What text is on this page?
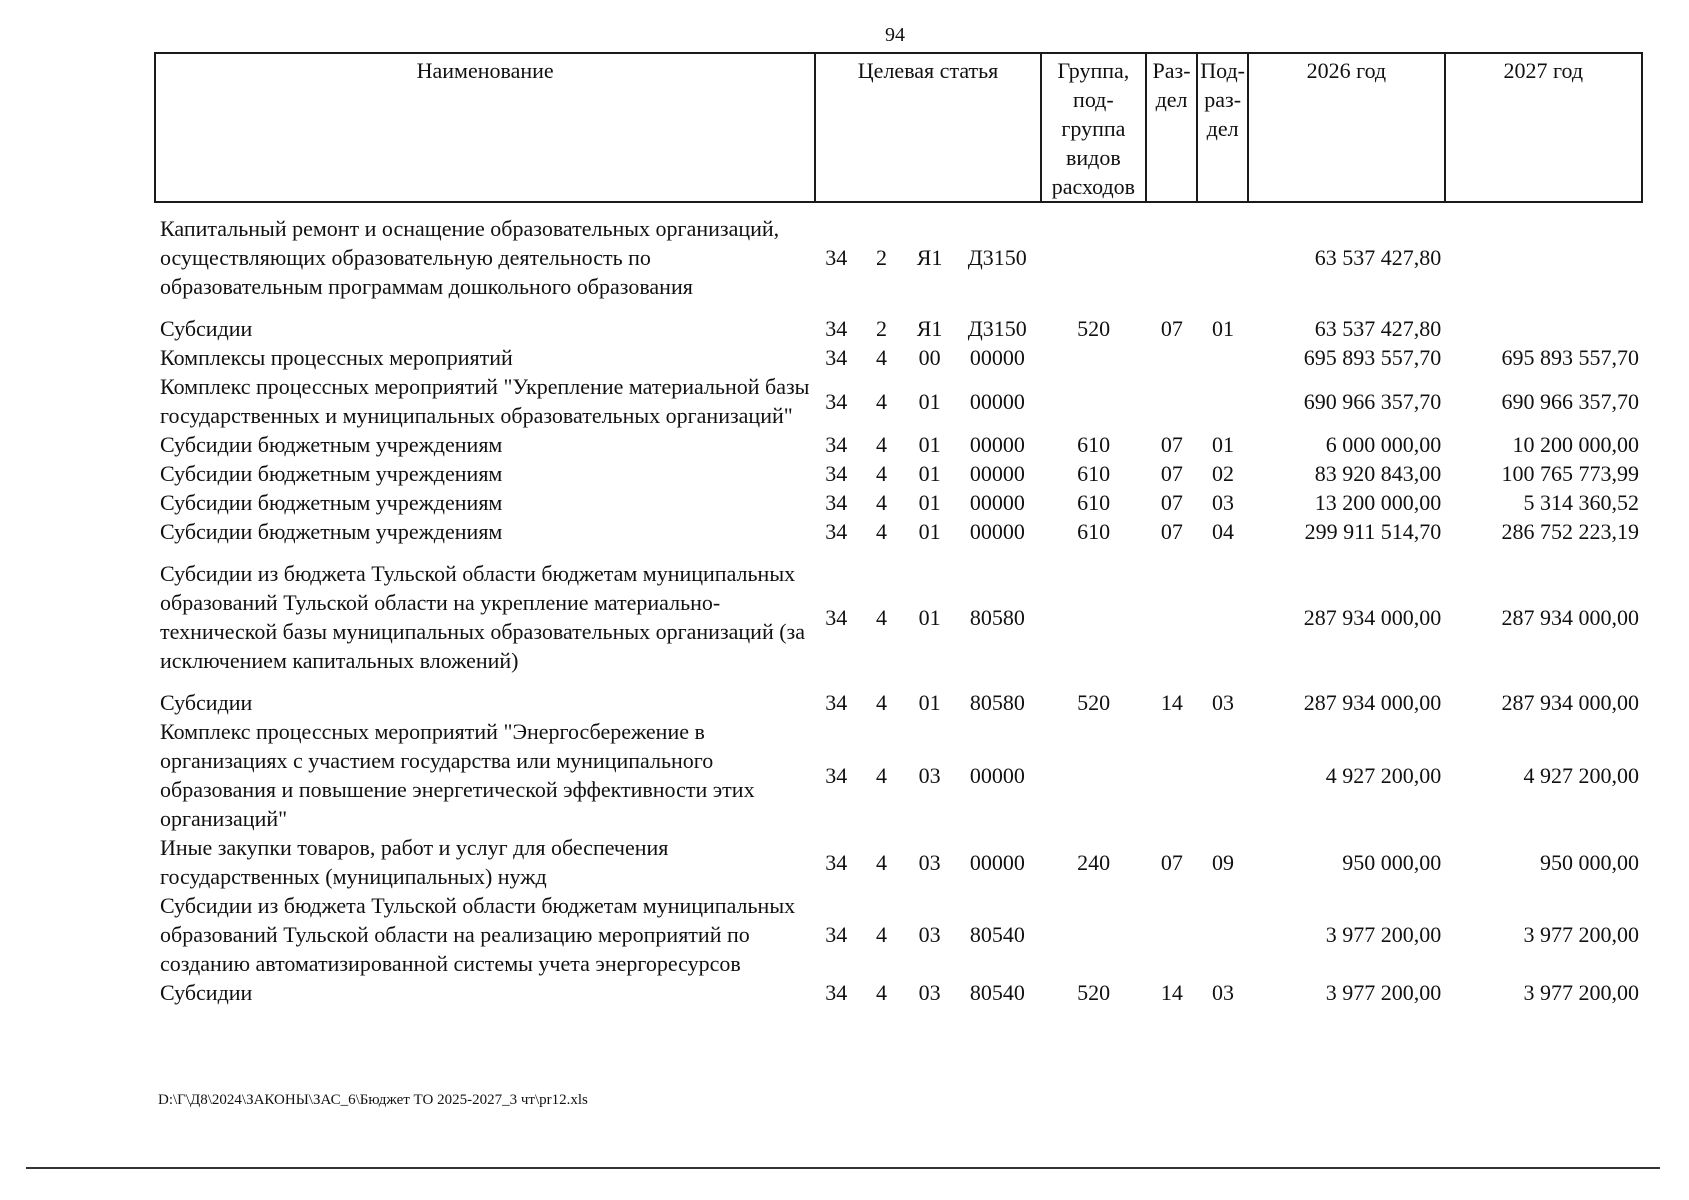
94
Наименование	Целевая статья	Группа, под-группа видов расходов	Раз-дел	Под-раз-дел	2026 год	2027 год
Капитальный ремонт и оснащение образовательных организаций, осуществляющих образовательную деятельность по образовательным программам дошкольного образования	34	2	Я1	Д3150				63 537 427,80	
Субсидии	34	2	Я1	Д3150	520	07	01	63 537 427,80	
Комплексы процессных мероприятий	34	4	00	00000				695 893 557,70	695 893 557,70
Комплекс процессных мероприятий "Укрепление материальной базы государственных и муниципальных образовательных организаций"	34	4	01	00000				690 966 357,70	690 966 357,70
Субсидии бюджетным учреждениям	34	4	01	00000	610	07	01	6 000 000,00	10 200 000,00
Субсидии бюджетным учреждениям	34	4	01	00000	610	07	02	83 920 843,00	100 765 773,99
Субсидии бюджетным учреждениям	34	4	01	00000	610	07	03	13 200 000,00	5 314 360,52
Субсидии бюджетным учреждениям	34	4	01	00000	610	07	04	299 911 514,70	286 752 223,19
Субсидии из бюджета Тульской области бюджетам муниципальных образований Тульской области на укрепление материально-технической базы муниципальных образовательных организаций (за исключением капитальных вложений)	34	4	01	80580				287 934 000,00	287 934 000,00
Субсидии	34	4	01	80580	520	14	03	287 934 000,00	287 934 000,00
Комплекс процессных мероприятий "Энергосбережение в организациях с участием государства или муниципального образования и повышение энергетической эффективности этих организаций"	34	4	03	00000				4 927 200,00	4 927 200,00
Иные закупки товаров, работ и услуг для обеспечения государственных (муниципальных) нужд	34	4	03	00000	240	07	09	950 000,00	950 000,00
Субсидии из бюджета Тульской области бюджетам муниципальных образований Тульской области на реализацию мероприятий по созданию автоматизированной системы учета энергоресурсов	34	4	03	80540				3 977 200,00	3 977 200,00
Субсидии	34	4	03	80540	520	14	03	3 977 200,00	3 977 200,00
D:\Г\Д8\2024\ЗАКОНЫ\ЗАС_6\Бюджет ТО 2025-2027_3 чт\pr12.xls
